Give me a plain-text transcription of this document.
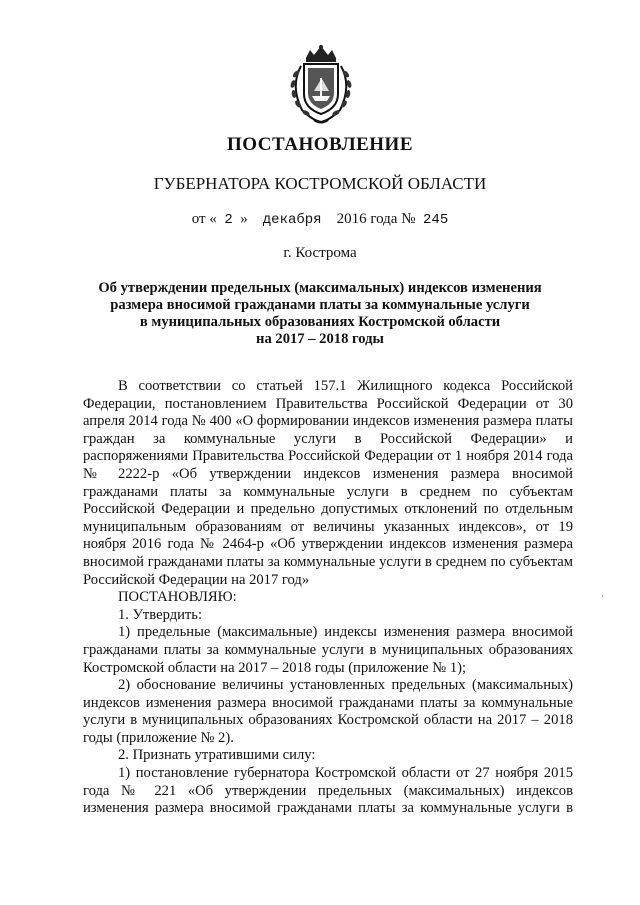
ПОСТАНОВЛЕНИЕ
ГУБЕРНАТОРА КОСТРОМСКОЙ ОБЛАСТИ
от « 2 » декабря 2016 года № 245
г. Кострома
Об утверждении предельных (максимальных) индексов изменения
размера вносимой гражданами платы за коммунальные услуги
в муниципальных образованиях Костромской области
на 2017 – 2018 годы

В соответствии со статьей 157.1 Жилищного кодекса Российской Федерации, постановлением Правительства Российской Федерации от 30 апреля 2014 года № 400 «О формировании индексов изменения размера платы граждан за коммунальные услуги в Российской Федерации» и распоряжениями Правительства Российской Федерации от 1 ноября 2014 года № 2222-р «Об утверждении индексов изменения размера вносимой гражданами платы за коммунальные услуги в среднем по субъектам Российской Федерации и предельно допустимых отклонений по отдельным муниципальным образованиям от величины указанных индексов», от 19 ноября 2016 года № 2464-р «Об утверждении индексов изменения размера вносимой гражданами платы за коммунальные услуги в среднем по субъектам Российской Федерации на 2017 год»

ПОСТАНОВЛЯЮ:

1. Утвердить:

1) предельные (максимальные) индексы изменения размера вносимой гражданами платы за коммунальные услуги в муниципальных образованиях Костромской области на 2017 – 2018 годы (приложение № 1);

2) обоснование величины установленных предельных (максимальных) индексов изменения размера вносимой гражданами платы за коммунальные услуги в муниципальных образованиях Костромской области на 2017 – 2018 годы (приложение № 2).

2. Признать утратившими силу:

1) постановление губернатора Костромской области от 27 ноября 2015 года № 221 «Об утверждении предельных (максимальных) индексов изменения размера вносимой гражданами платы за коммунальные услуги в

‚
